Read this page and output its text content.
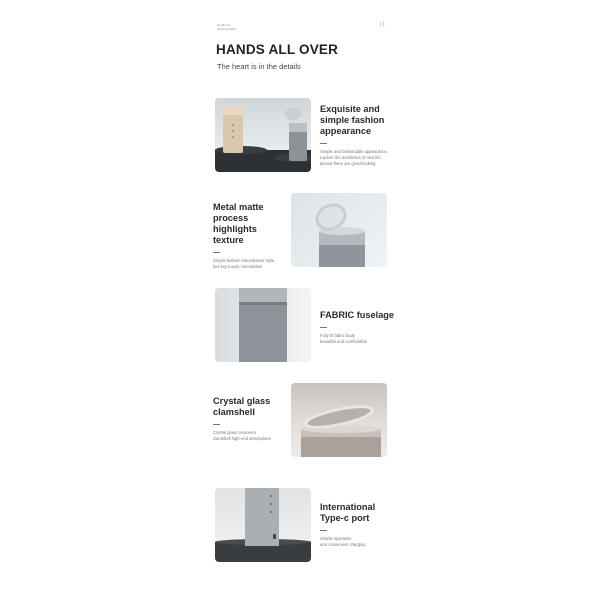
Nordic air
fresh and light
| 1
HANDS ALL OVER
The heart is in the details
Exquisite and
simple fashion
appearance
Simple and fashionable appearance,
explore the aesthetics of new life,
placed there are good-looking
Metal matte
process highlights
texture
Simple fashion international style,
low-key luxury connotation
FABRIC fuselage
Fully fit fabric body
beautiful and comfortable
Crystal glass
clamshell
Crystal glass ornament
clamshell high-end atmosphere
International
Type-c port
Simple operation
and convenient charging
